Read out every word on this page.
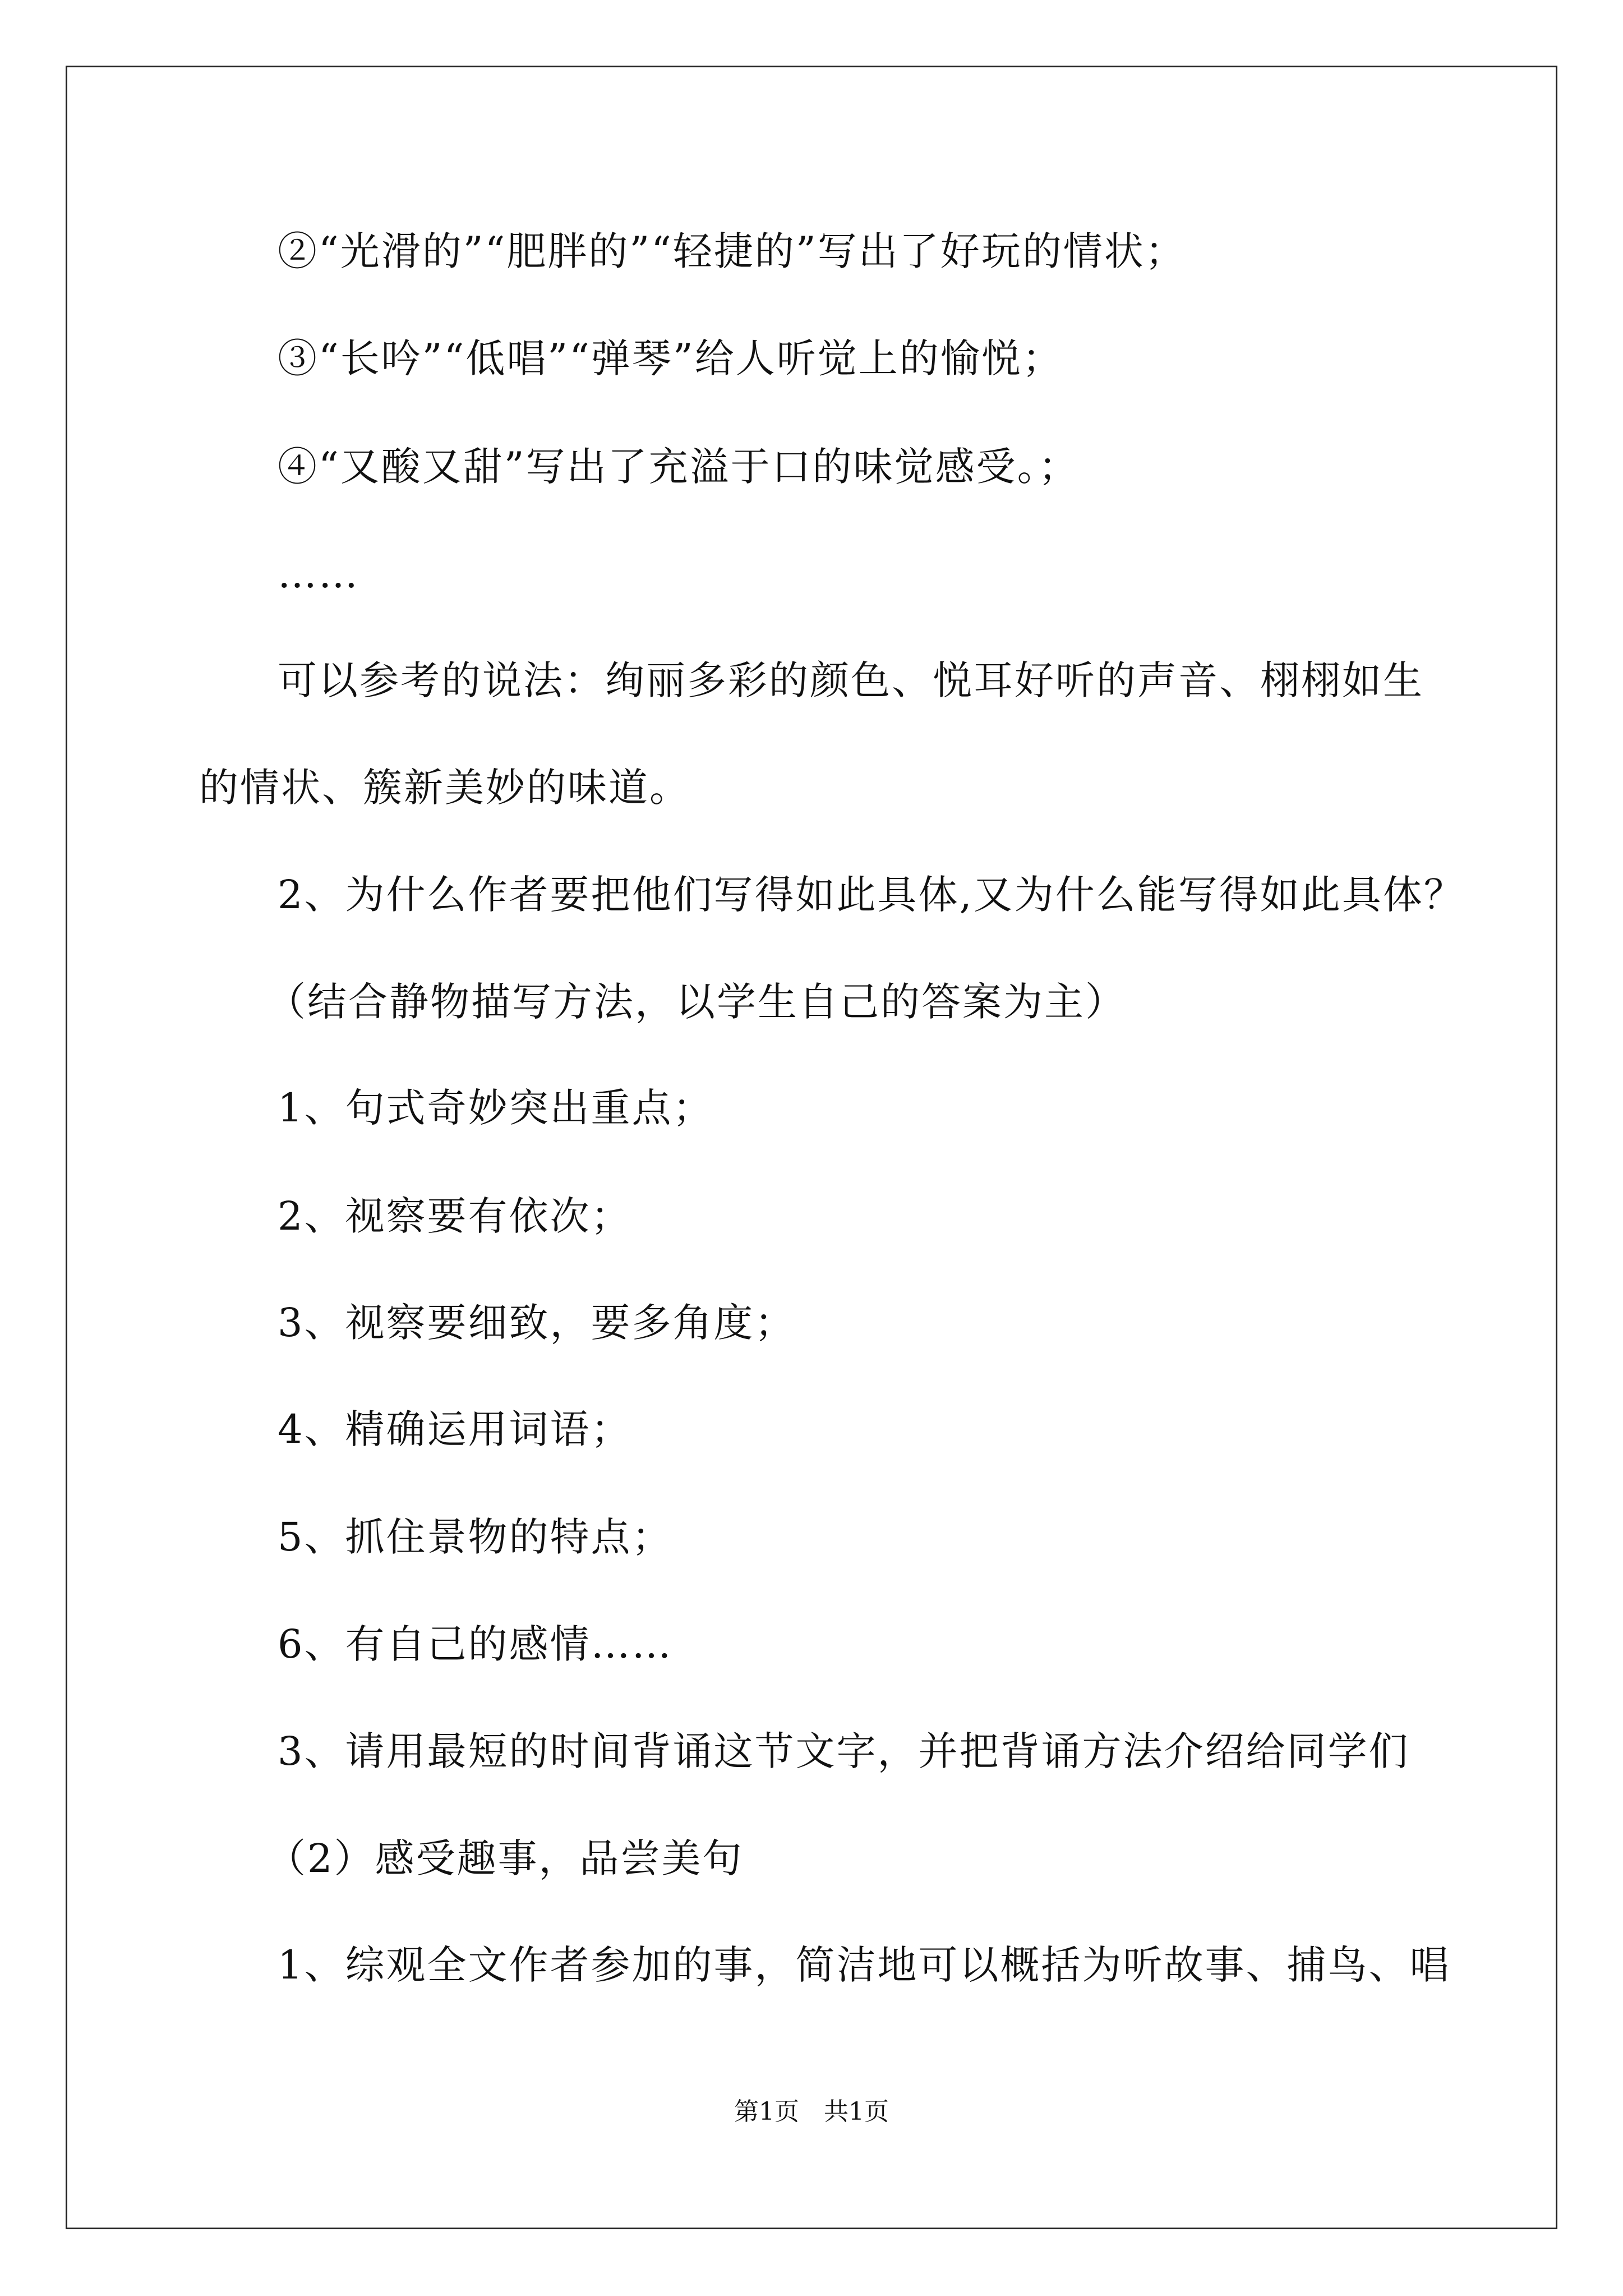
②“光滑的”“肥胖的”“轻捷的”写出了好玩的情状；
③“长吟”“低唱”“弹琴”给人听觉上的愉悦；
④“又酸又甜”写出了充溢于口的味觉感受。；
……
可以参考的说法：绚丽多彩的颜色、悦耳好听的声音、栩栩如生
的情状、簇新美妙的味道。
2、为什么作者要把他们写得如此具体,又为什么能写得如此具体？
（结合静物描写方法，以学生自己的答案为主）
1、句式奇妙突出重点；
2、视察要有依次；
3、视察要细致，要多角度；
4、精确运用词语；
5、抓住景物的特点；
6、有自己的感情……
3、请用最短的时间背诵这节文字，并把背诵方法介绍给同学们
（2）感受趣事，品尝美句
1、综观全文作者参加的事，简洁地可以概括为听故事、捕鸟、唱
第1页　共1页
